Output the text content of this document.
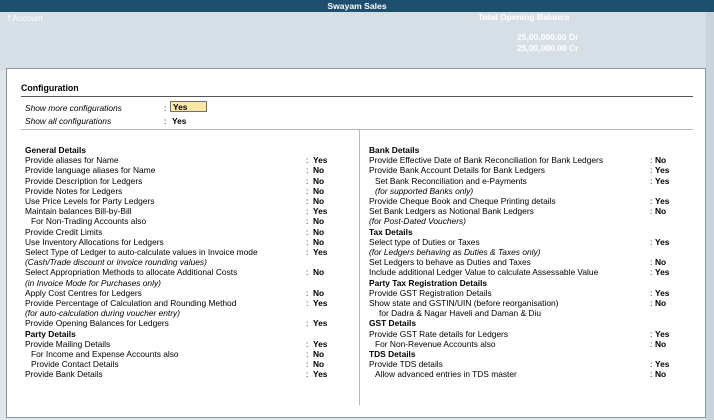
Swayam Sales
f Account	Total Opening Balance
25,00,000.00 Dr
25,00,000.00 Cr
Configuration
Show more configurations	: Yes
Show all configurations	: Yes
General Details
Provide aliases for Name	: Yes
Provide language aliases for Name	: No
Provide Description for Ledgers	: No
Provide Notes for Ledgers	: No
Use Price Levels for Party Ledgers	: No
Maintain balances Bill-by-Bill	: Yes
For Non-Trading Accounts also	: No
Provide Credit Limits	: No
Use Inventory Allocations for Ledgers	: No
Select Type of Ledger to auto-calculate values in Invoice mode	: Yes
(Cash/Trade discount or invoice rounding values)
Select Appropriation Methods to allocate Additional Costs	: No
(in Invoice Mode for Purchases only)
Apply Cost Centres for Ledgers	: No
Provide Percentage of Calculation and Rounding Method	: Yes
(for auto-calculation during voucher entry)
Provide Opening Balances for Ledgers	: Yes
Party Details
Provide Mailing Details	: Yes
For Income and Expense Accounts also	: No
Provide Contact Details	: No
Provide Bank Details	: Yes
Bank Details
Provide Effective Date of Bank Reconciliation for Bank Ledgers	: No
Provide Bank Account Details for Bank Ledgers	: Yes
Set Bank Reconciliation and e-Payments	: Yes
(for supported Banks only)
Provide Cheque Book and Cheque Printing details	: Yes
Set Bank Ledgers as Notional Bank Ledgers	: No
(for Post-Dated Vouchers)
Tax Details
Select type of Duties or Taxes	: Yes
(for Ledgers behaving as Duties & Taxes only)
Set Ledgers to behave as Duties and Taxes	: No
Include additional Ledger Value to calculate Assessable Value	: Yes
Party Tax Registration Details
Provide GST Registration Details	: Yes
Show state and GSTIN/UIN (before reorganisation)	: No
for Dadra & Nagar Haveli and Daman & Diu
GST Details
Provide GST Rate details for Ledgers	: Yes
For Non-Revenue Accounts also	: No
TDS Details
Provide TDS details	: Yes
Allow advanced entries in TDS master	: No
